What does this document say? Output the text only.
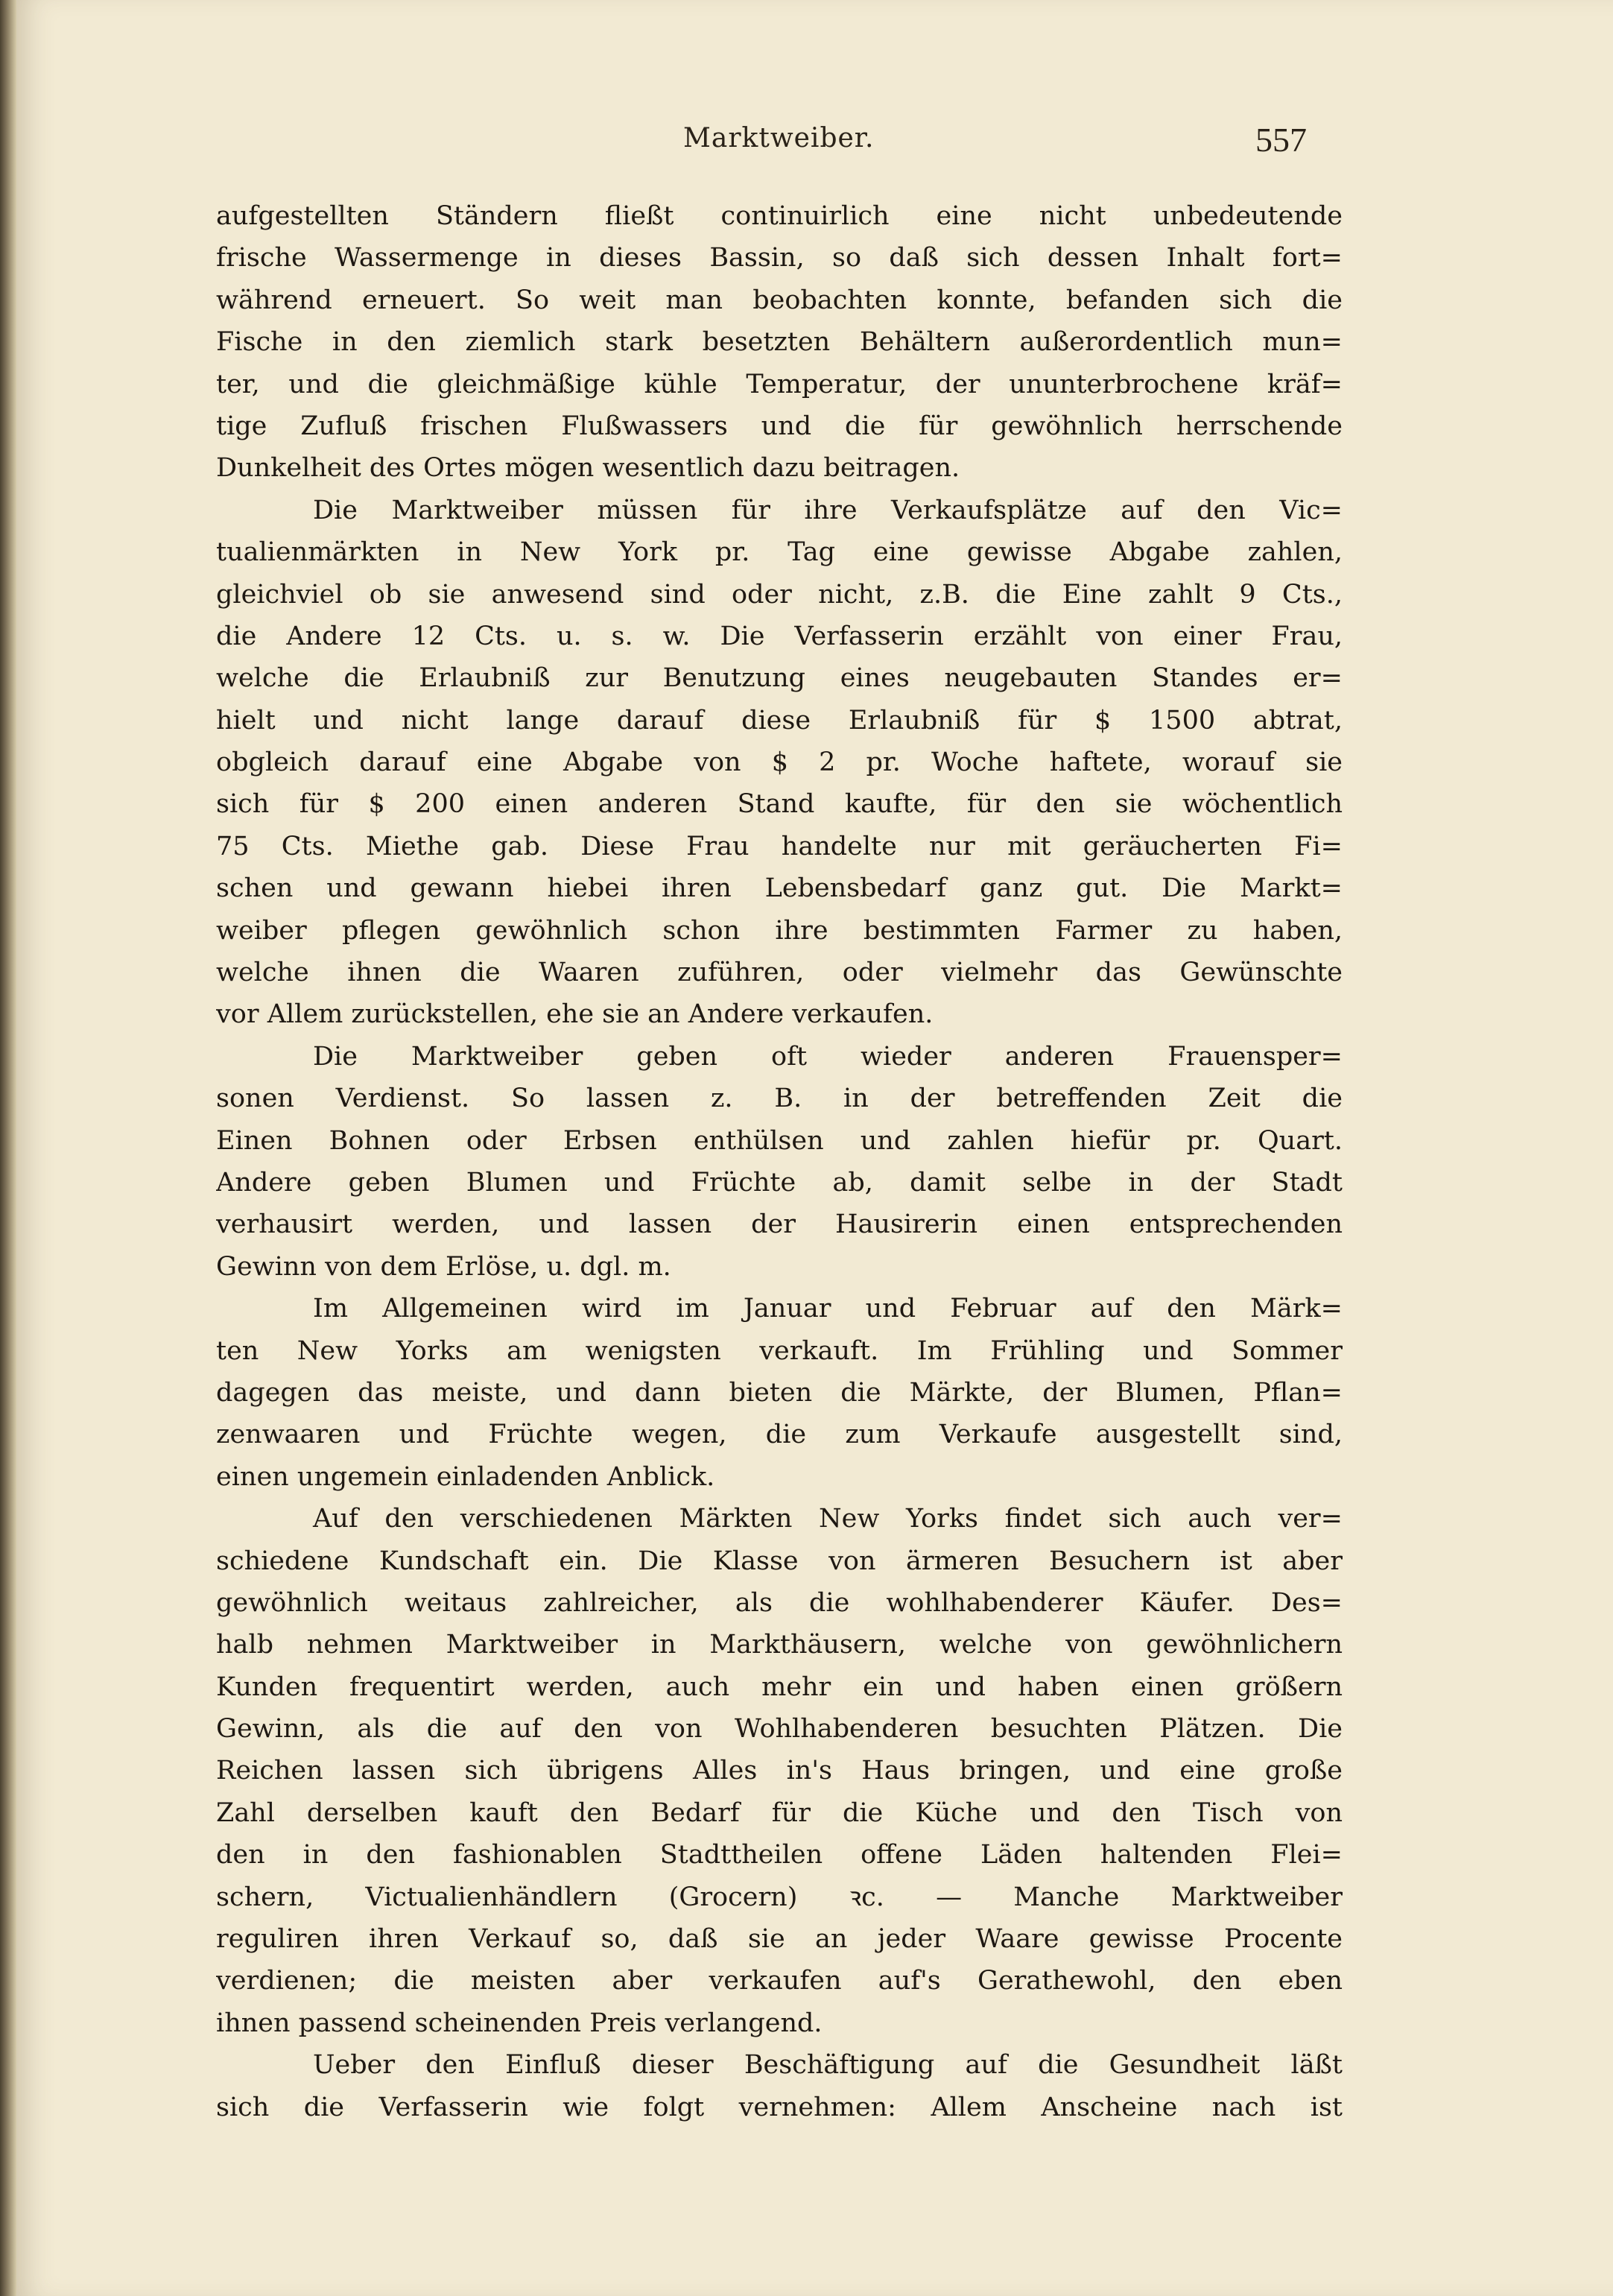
Marktweiber.	557
aufgestellten Ständern fließt continuirlich eine nicht unbedeutende
frische Wassermenge in dieses Bassin, so daß sich dessen Inhalt fort=
während erneuert. So weit man beobachten konnte, befanden sich die
Fische in den ziemlich stark besetzten Behältern außerordentlich mun=
ter, und die gleichmäßige kühle Temperatur, der ununterbrochene kräf=
tige Zufluß frischen Flußwassers und die für gewöhnlich herrschende
Dunkelheit des Ortes mögen wesentlich dazu beitragen.
Die Marktweiber müssen für ihre Verkaufsplätze auf den Vic=
tualienmärkten in New York pr. Tag eine gewisse Abgabe zahlen,
gleichviel ob sie anwesend sind oder nicht, z.B. die Eine zahlt 9 Cts.,
die Andere 12 Cts. u. s. w. Die Verfasserin erzählt von einer Frau,
welche die Erlaubniß zur Benutzung eines neugebauten Standes er=
hielt und nicht lange darauf diese Erlaubniß für $ 1500 abtrat,
obgleich darauf eine Abgabe von $ 2 pr. Woche haftete, worauf sie
sich für $ 200 einen anderen Stand kaufte, für den sie wöchentlich
75 Cts. Miethe gab. Diese Frau handelte nur mit geräucherten Fi=
schen und gewann hiebei ihren Lebensbedarf ganz gut. Die Markt=
weiber pflegen gewöhnlich schon ihre bestimmten Farmer zu haben,
welche ihnen die Waaren zuführen, oder vielmehr das Gewünschte
vor Allem zurückstellen, ehe sie an Andere verkaufen.
Die Marktweiber geben oft wieder anderen Frauensper=
sonen Verdienst. So lassen z. B. in der betreffenden Zeit die
Einen Bohnen oder Erbsen enthülsen und zahlen hiefür pr. Quart.
Andere geben Blumen und Früchte ab, damit selbe in der Stadt
verhausirt werden, und lassen der Hausirerin einen entsprechenden
Gewinn von dem Erlöse, u. dgl. m.
Im Allgemeinen wird im Januar und Februar auf den Märk=
ten New Yorks am wenigsten verkauft. Im Frühling und Sommer
dagegen das meiste, und dann bieten die Märkte, der Blumen, Pflan=
zenwaaren und Früchte wegen, die zum Verkaufe ausgestellt sind,
einen ungemein einladenden Anblick.
Auf den verschiedenen Märkten New Yorks findet sich auch ver=
schiedene Kundschaft ein. Die Klasse von ärmeren Besuchern ist aber
gewöhnlich weitaus zahlreicher, als die wohlhabenderer Käufer. Des=
halb nehmen Marktweiber in Markthäusern, welche von gewöhnlichern
Kunden frequentirt werden, auch mehr ein und haben einen größern
Gewinn, als die auf den von Wohlhabenderen besuchten Plätzen. Die
Reichen lassen sich übrigens Alles in's Haus bringen, und eine große
Zahl derselben kauft den Bedarf für die Küche und den Tisch von
den in den fashionablen Stadttheilen offene Läden haltenden Flei=
schern, Victualienhändlern (Grocern) ꝛc. — Manche Marktweiber
reguliren ihren Verkauf so, daß sie an jeder Waare gewisse Procente
verdienen; die meisten aber verkaufen auf's Gerathewohl, den eben
ihnen passend scheinenden Preis verlangend.
Ueber den Einfluß dieser Beschäftigung auf die Gesundheit läßt
sich die Verfasserin wie folgt vernehmen: Allem Anscheine nach ist
